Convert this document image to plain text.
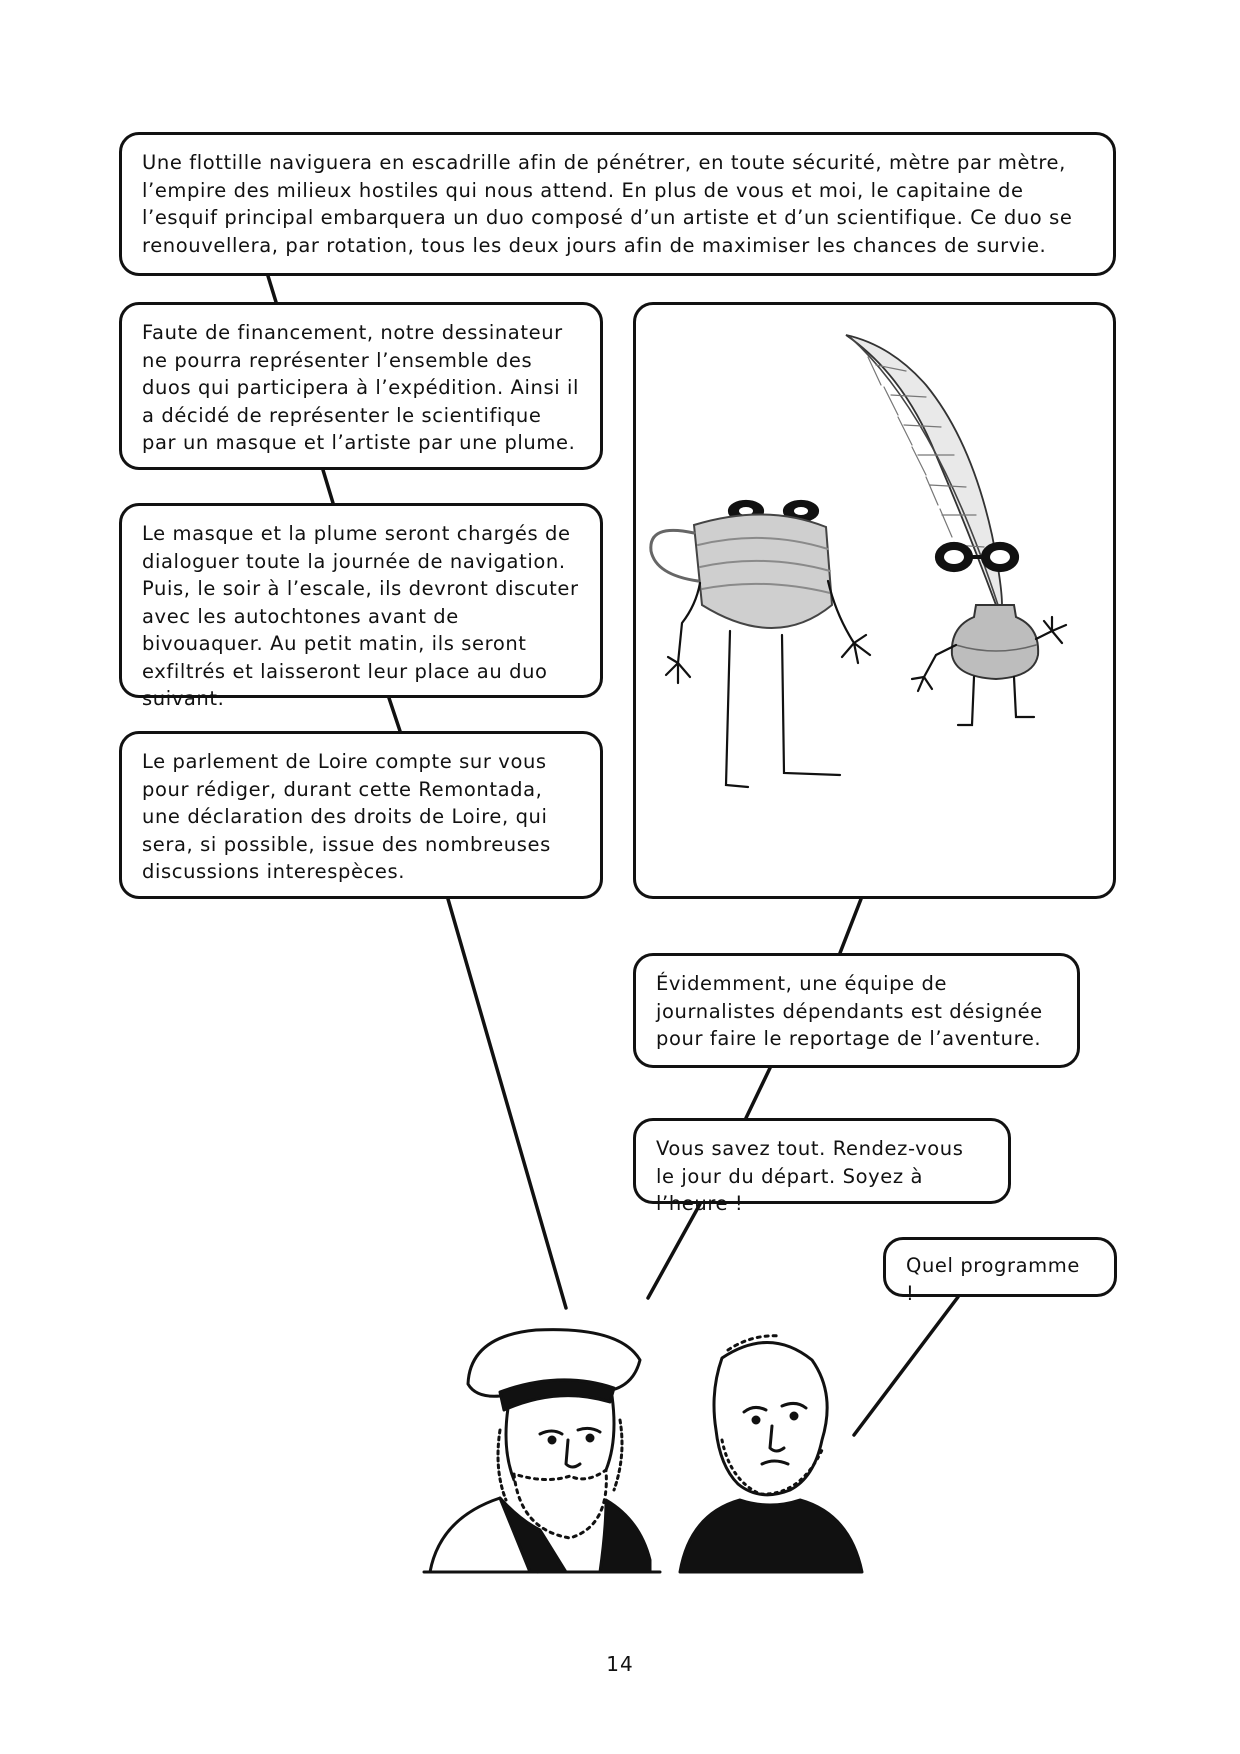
Une flottille naviguera en escadrille afin de pénétrer, en toute sécurité, mètre par mètre, l’empire des milieux hostiles qui nous attend. En plus de vous et moi, le capitaine de l’esquif principal embarquera un duo composé d’un artiste et d’un scientifique. Ce duo se renouvellera, par rotation, tous les deux jours afin de maximiser les chances de survie.

Faute de financement, notre dessinateur ne pourra représenter l’ensemble des duos qui participera à l’expédition. Ainsi il a décidé de représenter le scientifique par un masque et l’artiste par une plume.

Le masque et la plume seront chargés de dialoguer toute la journée de navigation. Puis, le soir à l’escale, ils devront discuter avec les autochtones avant de bivouaquer. Au petit matin, ils seront exfiltrés et laisseront leur place au duo suivant.

Le parlement de Loire compte sur vous pour rédiger, durant cette Remontada, une déclaration des droits de Loire, qui sera, si possible, issue des nombreuses discussions interespèces.

Évidemment, une équipe de journalistes dépendants est désignée pour faire le reportage de l’aventure.

Vous savez tout. Rendez-vous le jour du départ. Soyez à l’heure !

Quel programme !

14
